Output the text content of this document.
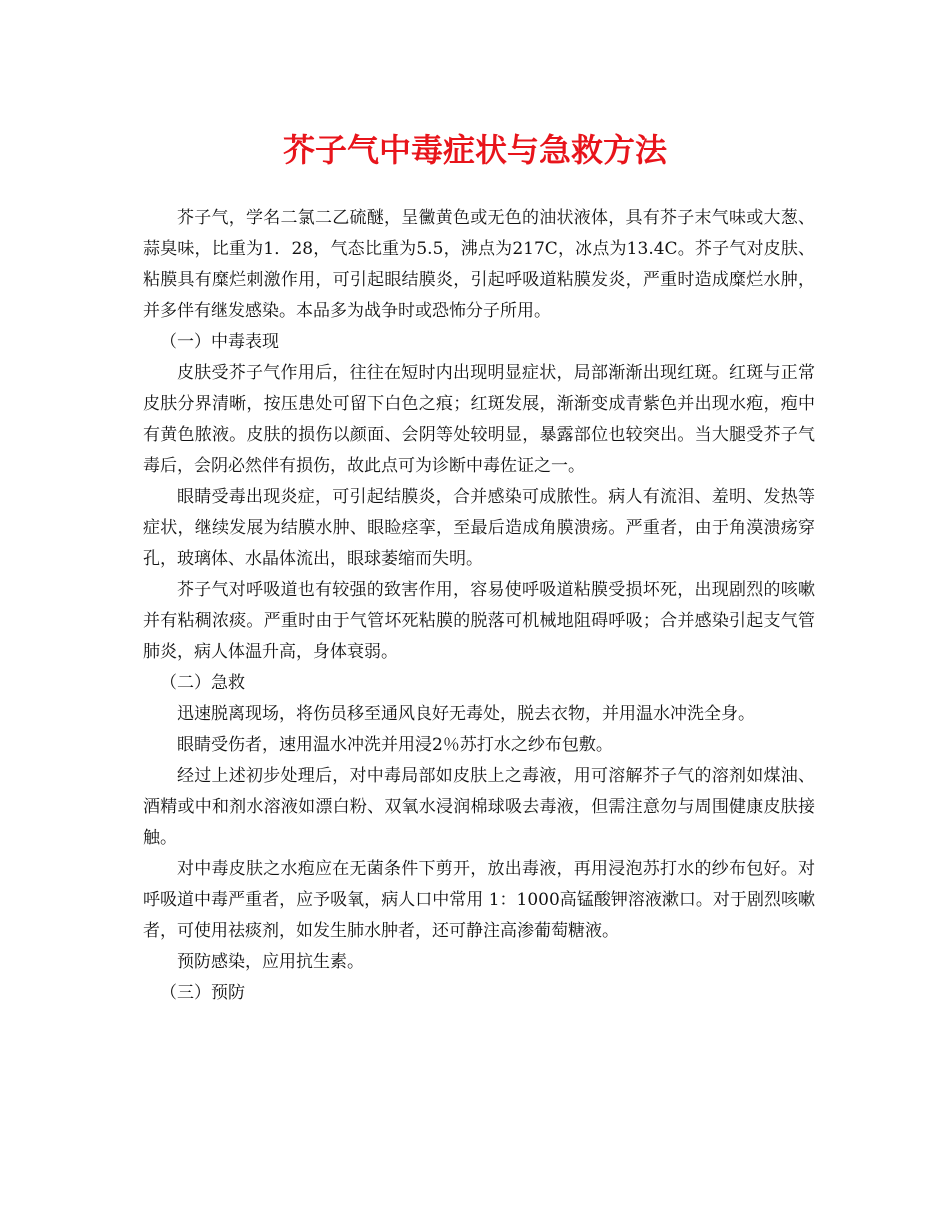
芥子气中毒症状与急救方法

芥子气，学名二氯二乙硫醚，呈黴黄色或无色的油状液体，具有芥子末气味或大葱、蒜臭味，比重为1．28，气态比重为5.5，沸点为217C，冰点为13.4C。芥子气对皮肤、粘膜具有糜烂刺激作用，可引起眼结膜炎，引起呼吸道粘膜发炎，严重时造成糜烂水肿，并多伴有继发感染。本品多为战争时或恐怖分子所用。

（一）中毒表现

皮肤受芥子气作用后，往往在短时内出现明显症状，局部渐渐出现红斑。红斑与正常皮肤分界清晰，按压患处可留下白色之痕；红斑发展，渐渐变成青紫色并出现水疱，疱中有黄色脓液。皮肤的损伤以颜面、会阴等处较明显，暴露部位也较突出。当大腿受芥子气毒后，会阴必然伴有损伤，故此点可为诊断中毒佐证之一。

眼睛受毒出现炎症，可引起结膜炎，合并感染可成脓性。病人有流泪、羞明、发热等症状，继续发展为结膜水肿、眼睑痉挛，至最后造成角膜溃疡。严重者，由于角漠溃疡穿孔，玻璃体、水晶体流出，眼球萎缩而失明。

芥子气对呼吸道也有较强的致害作用，容易使呼吸道粘膜受损坏死，出现剧烈的咳嗽并有粘稠浓痰。严重时由于气管坏死粘膜的脱落可机械地阻碍呼吸；合并感染引起支气管肺炎，病人体温升高，身体衰弱。

（二）急救

迅速脱离现场，将伤员移至通风良好无毒处，脱去衣物，并用温水冲洗全身。

眼睛受伤者，速用温水冲洗并用浸2％苏打水之纱布包敷。

经过上述初步处理后，对中毒局部如皮肤上之毒液，用可溶解芥子气的溶剂如煤油、酒精或中和剂水溶液如漂白粉、双氧水浸润棉球吸去毒液，但需注意勿与周围健康皮肤接触。

对中毒皮肤之水疱应在无菌条件下剪开，放出毒液，再用浸泡苏打水的纱布包好。对呼吸道中毒严重者，应予吸氧，病人口中常用 1：1000高锰酸钾溶液漱口。对于剧烈咳嗽者，可使用祛痰剂，如发生肺水肿者，还可静注高渗葡萄糖液。

预防感染，应用抗生素。

（三）预防
